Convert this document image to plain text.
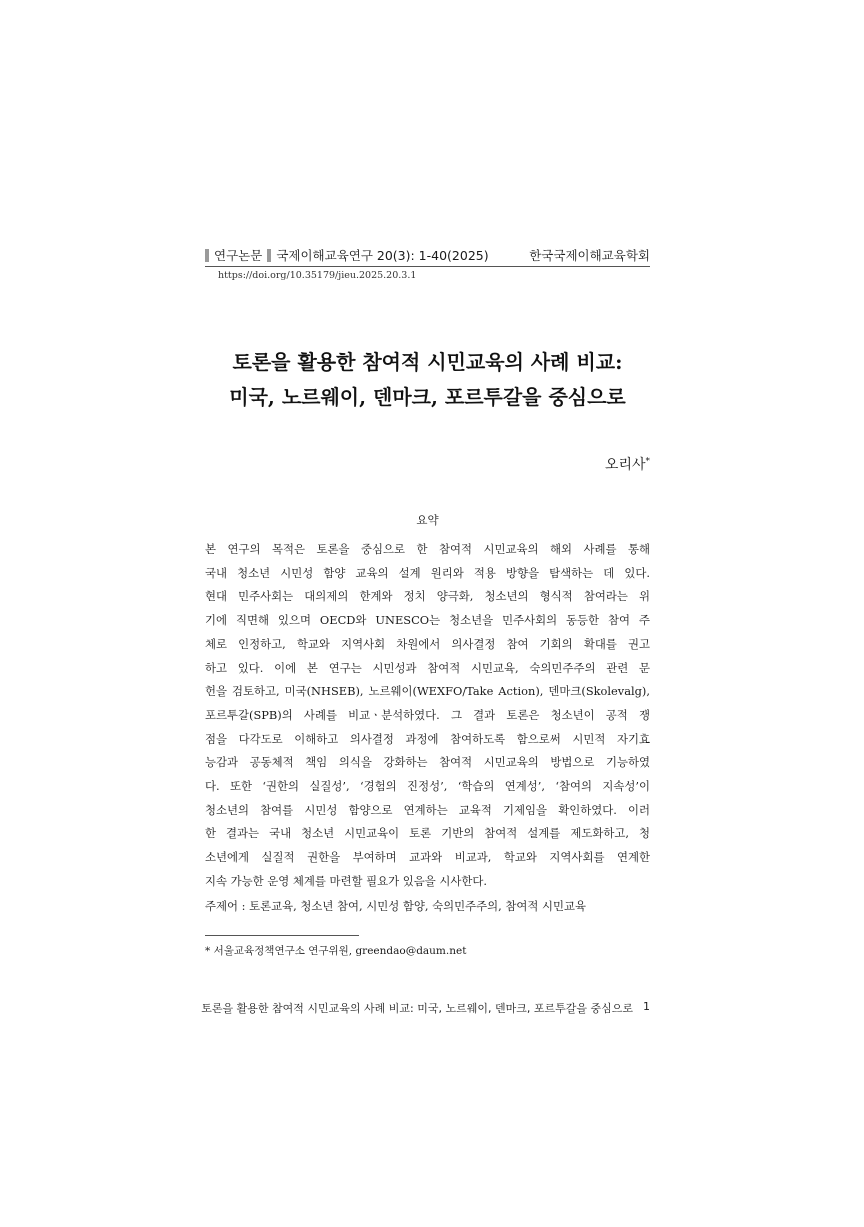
연구논문 국제이해교육연구 20(3): 1-40(2025)	한국국제이해교육학회
https://doi.org/10.35179/jieu.2025.20.3.1
토론을 활용한 참여적 시민교육의 사례 비교:
미국, 노르웨이, 덴마크, 포르투갈을 중심으로
오리사*
요약
본 연구의 목적은 토론을 중심으로 한 참여적 시민교육의 해외 사례를 통해
국내 청소년 시민성 함양 교육의 설계 원리와 적용 방향을 탐색하는 데 있다.
현대 민주사회는 대의제의 한계와 정치 양극화, 청소년의 형식적 참여라는 위
기에 직면해 있으며 OECD와 UNESCO는 청소년을 민주사회의 동등한 참여 주
체로 인정하고, 학교와 지역사회 차원에서 의사결정 참여 기회의 확대를 권고
하고 있다. 이에 본 연구는 시민성과 참여적 시민교육, 숙의민주주의 관련 문
헌을 검토하고, 미국(NHSEB), 노르웨이(WEXFO/Take Action), 덴마크(Skolevalg),
포르투갈(SPB)의 사례를 비교ㆍ분석하였다. 그 결과 토론은 청소년이 공적 쟁
점을 다각도로 이해하고 의사결정 과정에 참여하도록 함으로써 시민적 자기효
능감과 공동체적 책임 의식을 강화하는 참여적 시민교육의 방법으로 기능하였
다. 또한 ‘권한의 실질성’, ‘경험의 진정성’, ‘학습의 연계성’, ‘참여의 지속성’이
청소년의 참여를 시민성 함양으로 연계하는 교육적 기제임을 확인하였다. 이러
한 결과는 국내 청소년 시민교육이 토론 기반의 참여적 설계를 제도화하고, 청
소년에게 실질적 권한을 부여하며 교과와 비교과, 학교와 지역사회를 연계한
지속 가능한 운영 체계를 마련할 필요가 있음을 시사한다.
주제어 : 토론교육, 청소년 참여, 시민성 함양, 숙의민주주의, 참여적 시민교육
* 서울교육정책연구소 연구위원, greendao@daum.net
토론을 활용한 참여적 시민교육의 사례 비교: 미국, 노르웨이, 덴마크, 포르투갈을 중심으로 1
